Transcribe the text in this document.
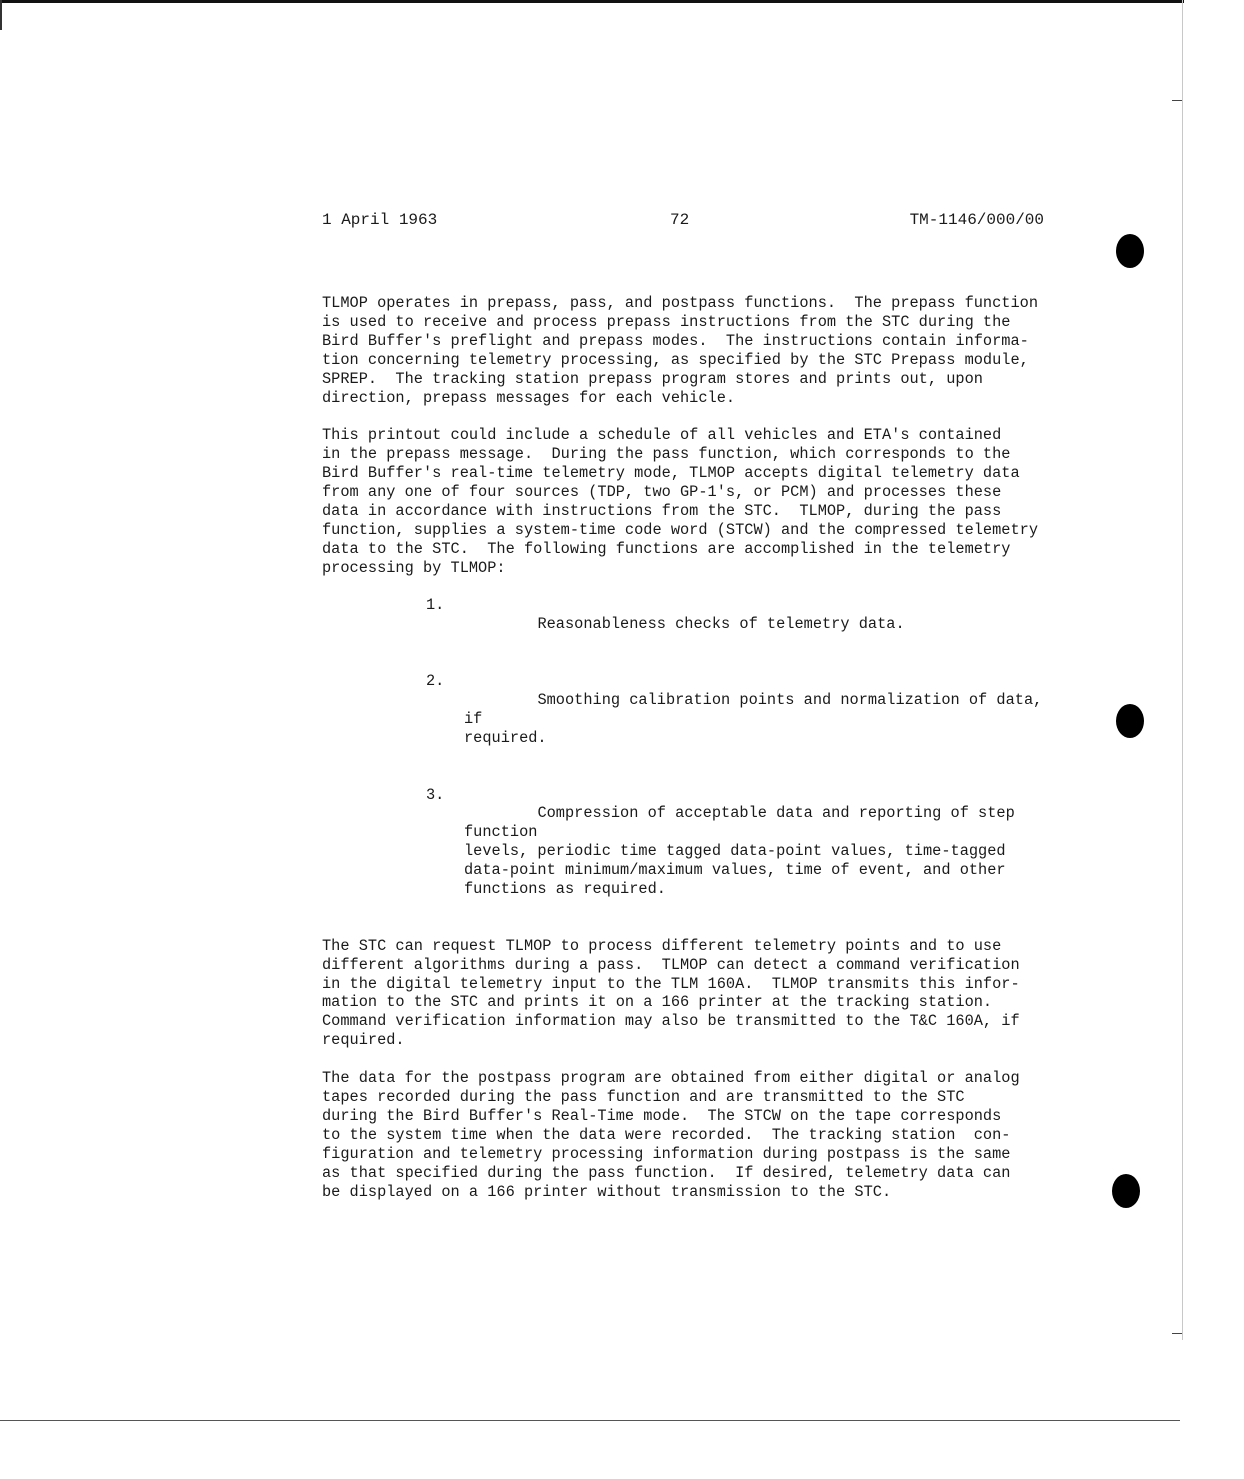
1 April 1963	72	TM-1146/000/00

TLMOP operates in prepass, pass, and postpass functions.  The prepass function
is used to receive and process prepass instructions from the STC during the
Bird Buffer's preflight and prepass modes.  The instructions contain informa-
tion concerning telemetry processing, as specified by the STC Prepass module,
SPREP.  The tracking station prepass program stores and prints out, upon
direction, prepass messages for each vehicle.

This printout could include a schedule of all vehicles and ETA's contained
in the prepass message.  During the pass function, which corresponds to the
Bird Buffer's real-time telemetry mode, TLMOP accepts digital telemetry data
from any one of four sources (TDP, two GP-1's, or PCM) and processes these
data in accordance with instructions from the STC.  TLMOP, during the pass
function, supplies a system-time code word (STCW) and the compressed telemetry
data to the STC.  The following functions are accomplished in the telemetry
processing by TLMOP:

1.
Reasonableness checks of telemetry data.

2.
Smoothing calibration points and normalization of data, if
required.

3.
Compression of acceptable data and reporting of step function
levels, periodic time tagged data-point values, time-tagged
data-point minimum/maximum values, time of event, and other
functions as required.

The STC can request TLMOP to process different telemetry points and to use
different algorithms during a pass.  TLMOP can detect a command verification
in the digital telemetry input to the TLM 160A.  TLMOP transmits this infor-
mation to the STC and prints it on a 166 printer at the tracking station.
Command verification information may also be transmitted to the T&C 160A, if
required.

The data for the postpass program are obtained from either digital or analog
tapes recorded during the pass function and are transmitted to the STC
during the Bird Buffer's Real-Time mode.  The STCW on the tape corresponds
to the system time when the data were recorded.  The tracking station  con-
figuration and telemetry processing information during postpass is the same
as that specified during the pass function.  If desired, telemetry data can
be displayed on a 166 printer without transmission to the STC.
